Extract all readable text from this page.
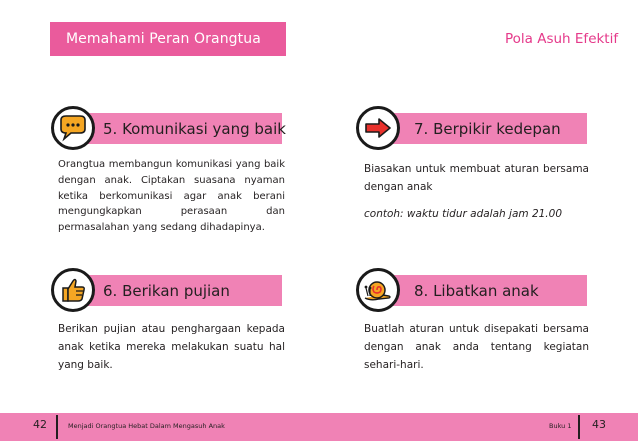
Memahami Peran Orangtua	Pola Asuh Efektif
5. Komunikasi yang baik
Orangtua membangun komunikasi yang baik dengan anak. Ciptakan suasana nyaman ketika berkomunikasi agar anak berani mengungkapkan perasaan dan permasalahan yang sedang dihadapinya.
6. Berikan pujian
Berikan pujian atau penghargaan kepada anak ketika mereka melakukan suatu hal yang baik.
7. Berpikir kedepan
Biasakan untuk membuat aturan bersama dengan anak
contoh: waktu tidur adalah jam 21.00
8. Libatkan anak
Buatlah aturan untuk disepakati bersama dengan anak anda tentang kegiatan sehari-hari.
42	Menjadi Orangtua Hebat Dalam Mengasuh Anak	Buku 1 43
